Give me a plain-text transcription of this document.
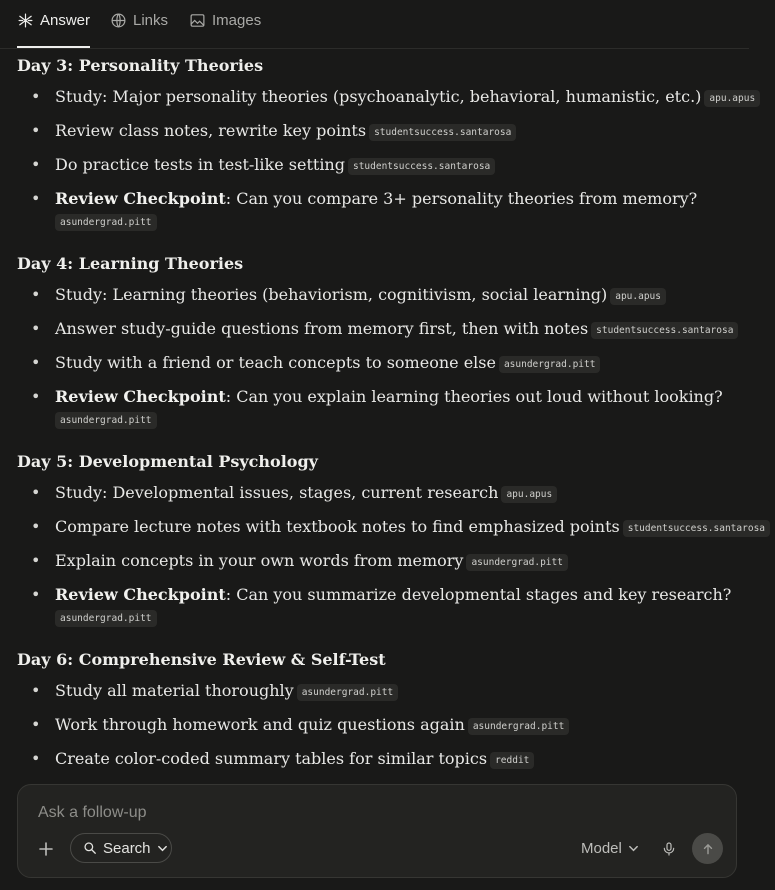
Answer	Links	Images
Day 3: Personality Theories
• Study: Major personality theories (psychoanalytic, behavioral, humanistic, etc.) apu.apus
• Review class notes, rewrite key points studentsuccess.santarosa
• Do practice tests in test-like setting studentsuccess.santarosa
• Review Checkpoint: Can you compare 3+ personality theories from memory?
asundergrad.pitt
Day 4: Learning Theories
• Study: Learning theories (behaviorism, cognitivism, social learning) apu.apus
• Answer study-guide questions from memory first, then with notes studentsuccess.santarosa
• Study with a friend or teach concepts to someone else asundergrad.pitt
• Review Checkpoint: Can you explain learning theories out loud without looking?
asundergrad.pitt
Day 5: Developmental Psychology
• Study: Developmental issues, stages, current research apu.apus
• Compare lecture notes with textbook notes to find emphasized points studentsuccess.santarosa
• Explain concepts in your own words from memory asundergrad.pitt
• Review Checkpoint: Can you summarize developmental stages and key research?
asundergrad.pitt
Day 6: Comprehensive Review & Self-Test
• Study all material thoroughly asundergrad.pitt
• Work through homework and quiz questions again asundergrad.pitt
• Create color-coded summary tables for similar topics reddit
Ask a follow-up
Search	Model
